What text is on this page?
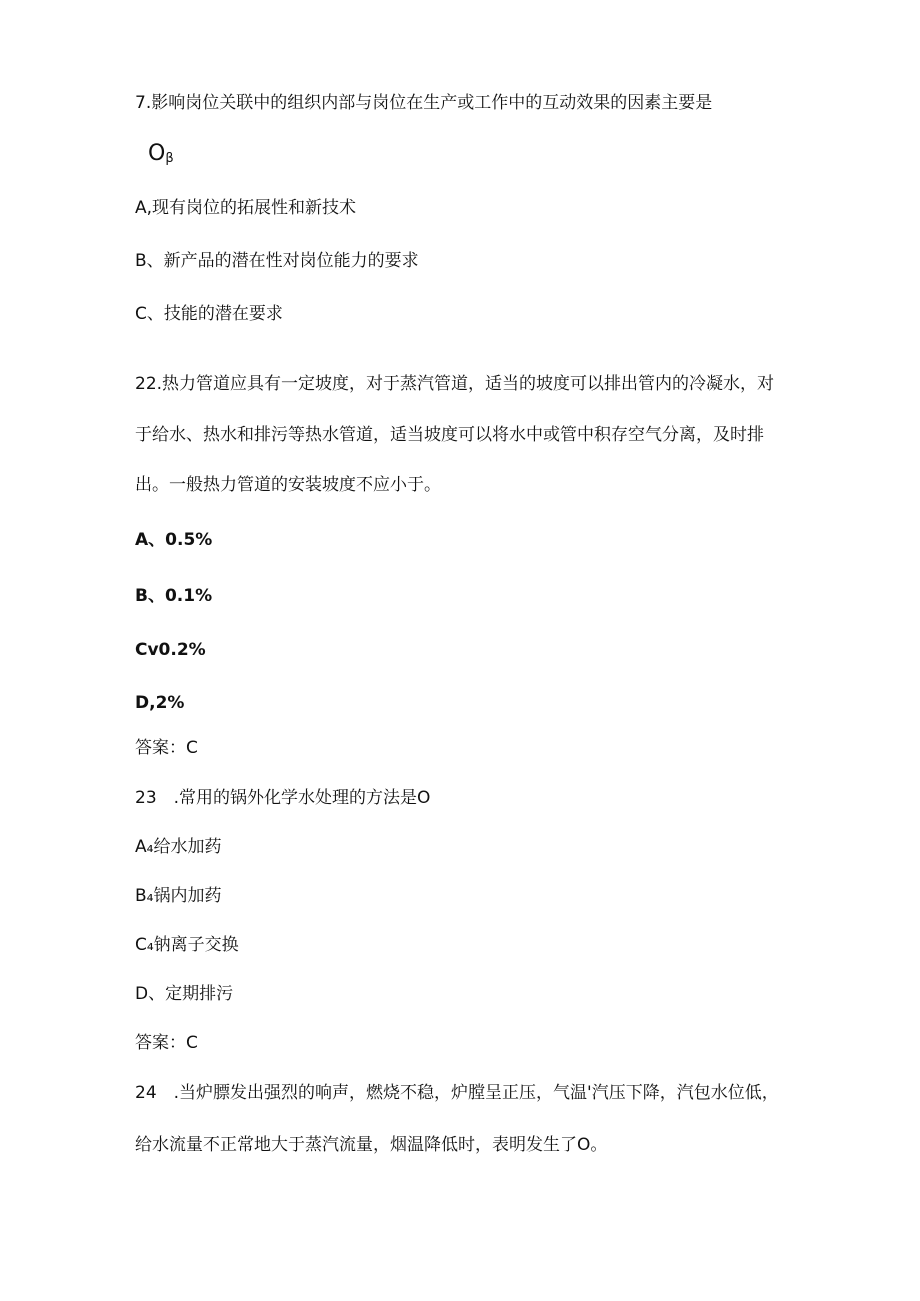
7.影响岗位关联中的组织内部与岗位在生产或工作中的互动效果的因素主要是
$O_\beta$
A,现有岗位的拓展性和新技术
B、新产品的潜在性对岗位能力的要求
C、技能的潜在要求
22.热力管道应具有一定坡度，对于蒸汽管道，适当的坡度可以排出管内的冷凝水，对
于给水、热水和排污等热水管道，适当坡度可以将水中或管中积存空气分离，及时排
出。一般热力管道的安装坡度不应小于。
A、0.5%
B、0.1%
Cv0.2%
D,2%
答案：C
23　.常用的锅外化学水处理的方法是O
A₄给水加药
B₄锅内加药
C₄钠离子交换
D、定期排污
答案：C
24　.当炉膘发出强烈的响声，燃烧不稳，炉膛呈正压，气温'汽压下降，汽包水位低，
给水流量不正常地大于蒸汽流量，烟温降低时，表明发生了O。
